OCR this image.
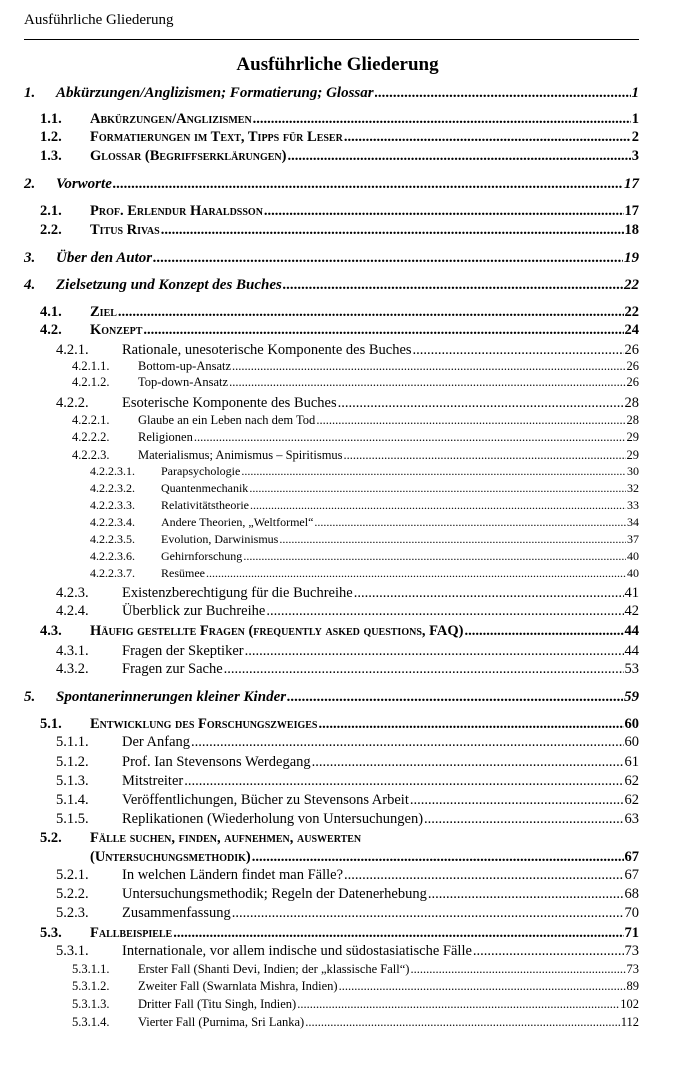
Ausführliche Gliederung
Ausführliche Gliederung
1.	Abkürzungen/Anglizismen; Formatierung; Glossar .....	1
1.1.	Abkürzungen/Anglizismen .....	1
1.2.	Formatierungen im Text, Tipps für Leser .....	2
1.3.	Glossar (Begriffserklärungen) .....	3
2.	Vorworte .....	17
2.1.	Prof. Erlendur Haraldsson .....	17
2.2.	Titus Rivas .....	18
3.	Über den Autor .....	19
4.	Zielsetzung und Konzept des Buches .....	22
4.1.	Ziel .....	22
4.2.	Konzept .....	24
4.2.1.	Rationale, unesoterische Komponente des Buches .....	26
4.2.1.1.	Bottom-up-Ansatz .....	26
4.2.1.2.	Top-down-Ansatz .....	26
4.2.2.	Esoterische Komponente des Buches .....	28
4.2.2.1.	Glaube an ein Leben nach dem Tod .....	28
4.2.2.2.	Religionen .....	29
4.2.2.3.	Materialismus; Animismus – Spiritismus .....	29
4.2.2.3.1.	Parapsychologie .....	30
4.2.2.3.2.	Quantenmechanik .....	32
4.2.2.3.3.	Relativitätstheorie .....	33
4.2.2.3.4.	Andere Theorien, „Weltformel“ .....	34
4.2.2.3.5.	Evolution, Darwinismus .....	37
4.2.2.3.6.	Gehirnforschung .....	40
4.2.2.3.7.	Resümee .....	40
4.2.3.	Existenzberechtigung für die Buchreihe .....	41
4.2.4.	Überblick zur Buchreihe .....	42
4.3.	Häufig gestellte Fragen (frequently asked questions, FAQ) .....	44
4.3.1.	Fragen der Skeptiker .....	44
4.3.2.	Fragen zur Sache .....	53
5.	Spontanerinnerungen kleiner Kinder .....	59
5.1.	Entwicklung des Forschungszweiges .....	60
5.1.1.	Der Anfang .....	60
5.1.2.	Prof. Ian Stevensons Werdegang .....	61
5.1.3.	Mitstreiter .....	62
5.1.4.	Veröffentlichungen, Bücher zu Stevensons Arbeit .....	62
5.1.5.	Replikationen (Wiederholung von Untersuchungen) .....	63
5.2. Fälle suchen, finden, aufnehmen, auswerten
(Untersuchungsmethodik) .....	67
5.2.1.	In welchen Ländern findet man Fälle? .....	67
5.2.2.	Untersuchungsmethodik; Regeln der Datenerhebung .....	68
5.2.3.	Zusammenfassung .....	70
5.3.	Fallbeispiele .....	71
5.3.1.	Internationale, vor allem indische und südostasiatische Fälle .....	73
5.3.1.1.	Erster Fall (Shanti Devi, Indien; der „klassische Fall“) .....	73
5.3.1.2.	Zweiter Fall (Swarnlata Mishra, Indien) .....	89
5.3.1.3.	Dritter Fall (Titu Singh, Indien) .....	102
5.3.1.4.	Vierter Fall (Purnima, Sri Lanka) .....	112
